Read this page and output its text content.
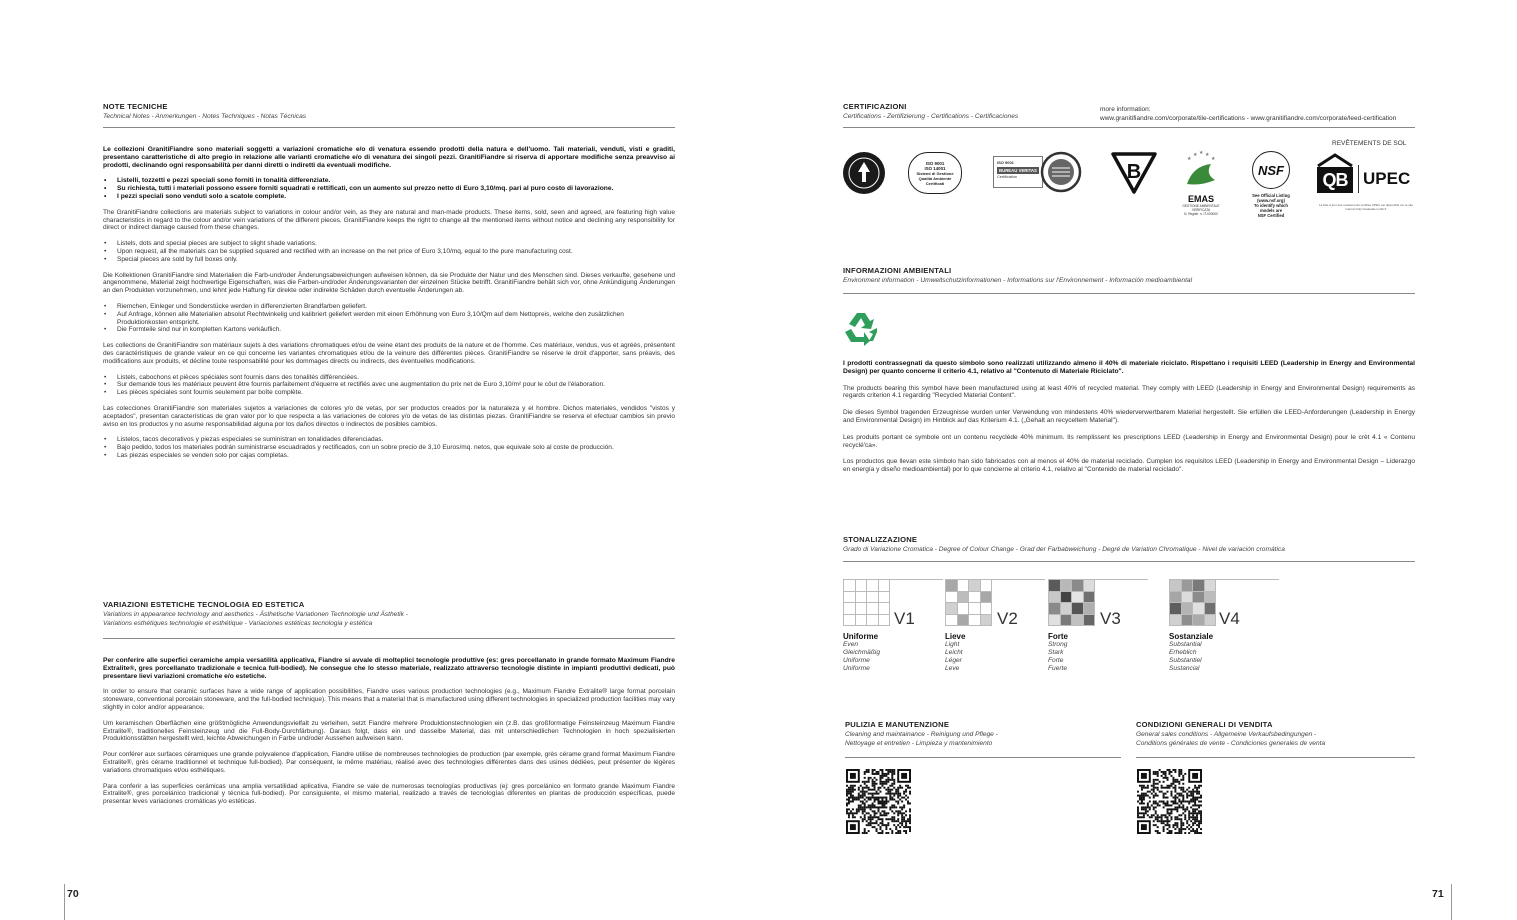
NOTE TECNICHE
Technical Notes - Anmerkungen - Notes Techniques - Notas Técnicas

Le collezioni GranitiFiandre sono materiali soggetti a variazioni cromatiche e/o di venatura essendo prodotti della natura e dell'uomo. Tali materiali, venduti, visti e graditi, presentano caratteristiche di alto pregio in relazione alle varianti cromatiche e/o di venatura dei singoli pezzi. GranitiFiandre si riserva di apportare modifiche senza preavviso ai prodotti, declinando ogni responsabilità per danni diretti o indiretti da eventuali modifiche.

• Listelli, tozzetti e pezzi speciali sono forniti in tonalità differenziate.
• Su richiesta, tutti i materiali possono essere forniti squadrati e rettificati, con un aumento sul prezzo netto di Euro 3,10/mq. pari al puro costo di lavorazione.
• I pezzi speciali sono venduti solo a scatole complete.

The GranitiFiandre collections are materials subject to variations in colour and/or vein, as they are natural and man-made products. These items, sold, seen and agreed, are featuring high value characteristics in regard to the colour and/or vein variations of the different pieces. GranitiFiandre keeps the right to change all the mentioned items without notice and declining any responsibility for direct or indirect damage caused from these changes.

• Listels, dots and special pieces are subject to slight shade variations.
• Upon request, all the materials can be supplied squared and rectified with an increase on the net price of Euro 3,10/mq, equal to the pure manufacturing cost.
• Special pieces are sold by full boxes only.

Die Kollektionen GranitiFiandre sind Materialien die Farb-und/oder Änderungsabweichungen aufweisen können, da sie Produkte der Natur und des Menschen sind. Dieses verkaufte, gesehene und angenommene, Material zeigt hochwertige Eigenschaften, was die Farben-und/oder Änderungsvarianten der einzelnen Stücke betrifft. GranitiFiandre behält sich vor, ohne Ankündigung Änderungen an den Produkten vorzunehmen, und lehnt jede Haftung für direkte oder indirekte Schäden durch eventuelle Änderungen ab.

• Riemchen, Einleger und Sonderstücke werden in differenzierten Brandfarben geliefert.
• Auf Anfrage, können alle Materialien absolut Rechtwinkelig und kalibriert geliefert werden mit einen Erhöhnung von Euro 3,10/Qm auf dem Nettopreis, welche den zusätzlichen Produktionkosten entspricht.
• Die Formteile sind nur in kompletten Kartons verkäuflich.

Les collections de GranitiFiandre son matériaux sujets à des variations chromatiques et/ou de veine étant des produits de la nature et de l'homme. Ces matériaux, vendus, vus et agréés, présentent des caractéristiques de grande valeur en ce qui concerne les variantes chromatiques et/ou de la veinure des différentes pièces. GranitiFiandre se réserve le droit d'apporter, sans préavis, des modifications aux produits, et décline toute responsabilité pour les dommages directs ou indirects, des éventuelles modifications.

• Listels, cabochons et pièces spéciales sont fournis dans des tonalités différenciées.
• Sur demande tous les matériaux peuvent être fournis parfaitement d'équerre et rectifiés avec une augmentation du prix net de Euro 3,10/m² pour le côut de l'élaboration.
• Les pièces spéciales sont fournis seulement par boîte complète.

Las colecciones GranitiFiandre son materiales sujetos a variaciones de colores y/o de vetas, por ser productos creados por la naturaleza y el hombre. Dichos materiales, vendidos "vistos y aceptados", presentan características de gran valor por lo que respecta a las variaciones de colores y/o de vetas de las distintas piezas. GranitiFiandre se reserva el efectuar cambios sin previo aviso en los productos y no asume responsabilidad alguna por los daños directos o indirectos de posibles cambios.

• Listelos, tacos decorativos y piezas especiales se suministran en tonalidades diferenciadas.
• Bajo pedido, todos los materiales podrán suministrarse escuadrados y rectificados, con un sobre precio de 3,10 Euros/mq. netos, que equivale solo al coste de producción.
• Las piezas especiales se venden solo por cajas completas.
VARIAZIONI ESTETICHE TECNOLOGIA ED ESTETICA
Variations in appearance technology and aesthetics - Ästhetische Variationen Technologie und Ästhetik -
Variations esthétiques technologie et esthétique - Variaciones estéticas tecnologia y estética

Per conferire alle superfici ceramiche ampia versatilità applicativa, Fiandre si avvale di molteplici tecnologie produttive (es: gres porcellanato in grande formato Maximum Fiandre Extralite®, gres porcellanato tradizionale e tecnica full-bodied). Ne consegue che lo stesso materiale, realizzato attraverso tecnologie distinte in impianti produttivi dedicati, può presentare lievi variazioni cromatiche e/o estetiche.

In order to ensure that ceramic surfaces have a wide range of application possibilities, Fiandre uses various production technologies (e.g., Maximum Fiandre Extralite® large format porcelain stoneware, conventional porcelain stoneware, and the full-bodied technique). This means that a material that is manufactured using different technologies in specialized production facilities may vary slightly in color and/or appearance.

Um keramischen Oberflächen eine größtmögliche Anwendungsvielfalt zu verleihen, setzt Fiandre mehrere Produktionstechnologien ein (z.B. das großformatige Feinsteinzeug Maximum Fiandre Extralite®, traditionelles Feinsteinzeug und die Full-Body-Durchfärbung). Daraus folgt, dass ein und dasselbe Material, das mit unterschiedlichen Technologien in hoch spezialisierten Produktionsstätten hergestellt wird, leichte Abweichungen in Farbe und/oder Aussehen aufweisen kann.

Pour conférer aux surfaces céramiques une grande polyvalence d'application, Fiandre utilise de nombreuses technologies de production (par exemple, grès cérame grand format Maximum Fiandre Extralite®, grès cérame traditionnel et technique full-bodied). Par conséquent, le même matériau, réalisé avec des technologies différentes dans des usines dédiées, peut présenter de légères variations chromatiques et/ou esthétiques.

Para conferir a las superficies cerámicas una amplia versatilidad aplicativa, Fiandre se vale de numerosas tecnologías productivas (ej: gres porcelánico en formato grande Maximum Fiandre Extralite®, gres porcelánico tradicional y técnica full-bodied). Por consiguiente, el mismo material, realizado a través de tecnologías diferentes en plantas de producción específicas, puede presentar leves variaciones cromáticas y/o estéticas.

70
CERTIFICAZIONI
Certifications - Zertifizierung - Certifications - Certificaciones
more information:
www.granitifiandre.com/corporate/tile-certifications - www.granitifiandre.com/corporate/leed-certification
REVÊTEMENTS DE SOL
ISO 9001
ISO 14001
Sistemi di Gestione
Qualità Ambiente
Certificati
ISO 9001
BUREAU VERITAS
Certification	B
★
★ ★ ★
★
EMAS
GESTIONE AMBIENTALE
VERIFICATA
N. Registr. n. IT-000000
NSF
See Official Listing
(www.nsf.org)
To identify which
models are
NSF Certified
QB UPEC
La liste à jour des revêtements certifiés UPEC est disponible sur le site internet http://evaluation.cstb.fr
INFORMAZIONI AMBIENTALI
Environment information - Umweltschutzinformationen - Informations sur l'Environnement - Información medioambiental

I prodotti contrassegnati da questo simbolo sono realizzati utilizzando almeno il 40% di materiale riciclato. Rispettano i requisiti LEED (Leadership in Energy and Environmental Design) per quanto concerne il criterio 4.1, relativo al "Contenuto di Materiale Riciclato".

The products bearing this symbol have been manufactured using at least 40% of recycled material. They comply with LEED (Leadership in Energy and Environmental Design) requirements as regards criterion 4.1 regarding "Recycled Material Content".

Die dieses Symbol tragenden Erzeugnisse wurden unter Verwendung von mindestens 40% wiederverwertbarem Material hergestellt. Sie erfüllen die LEED-Anforderungen (Leadership in Energy and Environmental Design) im Hinblick auf das Kriterium 4.1. („Gehalt an recyceltem Material").

Les produits portant ce symbole ont un contenu recyclède 40% minimum. Ils remplissent les prescriptions LEED (Leadership in Energy and Environmental Design) pour le crèt 4.1 « Contenu recyclé'ca».

Los productos que llevan este símbolo han sido fabricados con al menos el 40% de material reciclado. Cumplen los requisitos LEED (Leadership in Energy and Environmental Design – Liderazgo en energía y diseño medioambiental) por lo que concierne al criterio 4.1, relativo al "Contenido de material reciclado".

STONALIZZAZIONE
Grado di Variazione Cromatica - Degree of Colour Change - Grad der Farbabweichung - Degré de Variation Chromatique - Nivel de variación cromática
V1
Uniforme
Even
Gleichmäßig
Uniforme
Uniforme
V2
Lieve
Light
Leicht
Léger
Leve
V3
Forte
Strong
Stark
Forte
Fuerte
V4
Sostanziale
Substantial
Erheblich
Substantiel
Sustancial
PULIZIA E MANUTENZIONE
Cleaning and maintainance - Reinigung und Pflege -
Nettoyage et entretien - Limpieza y mantenimiento
CONDIZIONI GENERALI DI VENDITA
General sales conditions - Allgemeine Verkaufsbedingungen -
Conditions générales de vente - Condiciones generales de venta
71
